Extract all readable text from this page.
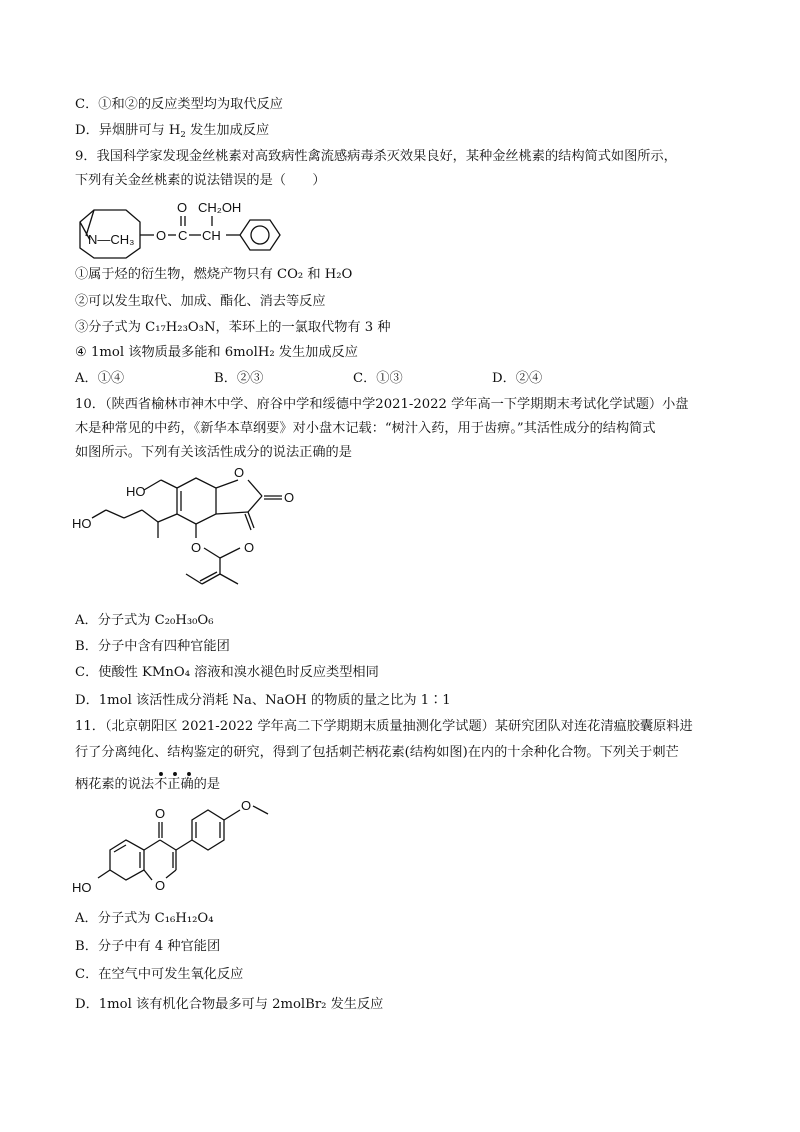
C．①和②的反应类型均为取代反应
D．异烟肼可与 $H_2$ 发生加成反应
9．我国科学家发现金丝桃素对高致病性禽流感病毒杀灭效果良好，某种金丝桃素的结构简式如图所示，
下列有关金丝桃素的说法错误的是（　　）
N—CH₃ O C
O
CH
CH₂OH
①属于烃的衍生物，燃烧产物只有 CO₂ 和 H₂O
②可以发生取代、加成、酯化、消去等反应
③分子式为 C₁₇H₂₃O₃N，苯环上的一氯取代物有 3 种
④ 1mol 该物质最多能和 6molH₂ 发生加成反应
A．①④	B．②③	C．①③	D．②④
10．（陕西省榆林市神木中学、府谷中学和绥德中学2021-2022 学年高一下学期期末考试化学试题）小盘
木是种常见的中药，《新华本草纲要》对小盘木记载：“树汁入药，用于齿痹。”其活性成分的结构简式
如图所示。下列有关该活性成分的说法正确的是
HO
O
O
HO
O	O
A．分子式为 C₂₀H₃₀O₆
B．分子中含有四种官能团
C．使酸性 KMnO₄ 溶液和溴水褪色时反应类型相同
D．1mol 该活性成分消耗 Na、NaOH 的物质的量之比为 1∶1
11．（北京朝阳区 2021-2022 学年高二下学期期末质量抽测化学试题）某研究团队对连花清瘟胶囊原料进
行了分离纯化、结构鉴定的研究，得到了包括刺芒柄花素(结构如图)在内的十余种化合物。下列关于刺芒
柄花素的说法不正确的是
O
O
O
HO
A．分子式为 C₁₆H₁₂O₄
B．分子中有 4 种官能团
C．在空气中可发生氧化反应
D．1mol 该有机化合物最多可与 2molBr₂ 发生反应
